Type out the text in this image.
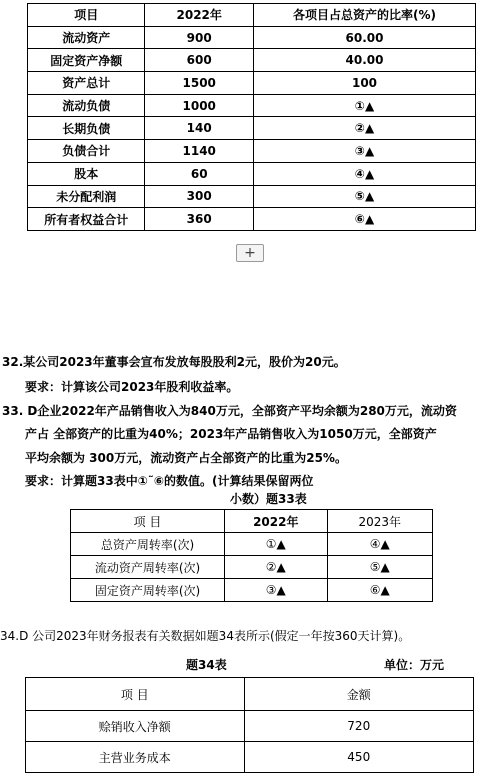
项目	2022年	各项目占总资产的比率(%)
流动资产	900	60.00
固定资产净额	600	40.00
资产总计	1500	100
流动负债	1000	①▲
长期负债	140	②▲
负债合计	1140	③▲
股本	60	④▲
未分配利润	300	⑤▲
所有者权益合计	360	⑥▲
+
32.某公司2023年董事会宣布发放每股股利2元，股价为20元。
要求：计算该公司2023年股利收益率。
33. D企业2022年产品销售收入为840万元，全部资产平均余额为280万元，流动资
产占 全部资产的比重为40%；2023年产品销售收入为1050万元，全部资产
平均余额为 300万元，流动资产占全部资产的比重为25%。
要求：计算题33表中①˜⑥的数值。(计算结果保留两位
小数）题33表
项 目	2022年	2023年
总资产周转率(次)	①▲	④▲
流动资产周转率(次)	②▲	⑤▲
固定资产周转率(次)	③▲	⑥▲
34.D 公司2023年财务报表有关数据如题34表所示(假定一年按360天计算)。
题34表	单位：万元
项 目	金额
赊销收入净额	720
主营业务成本	450
